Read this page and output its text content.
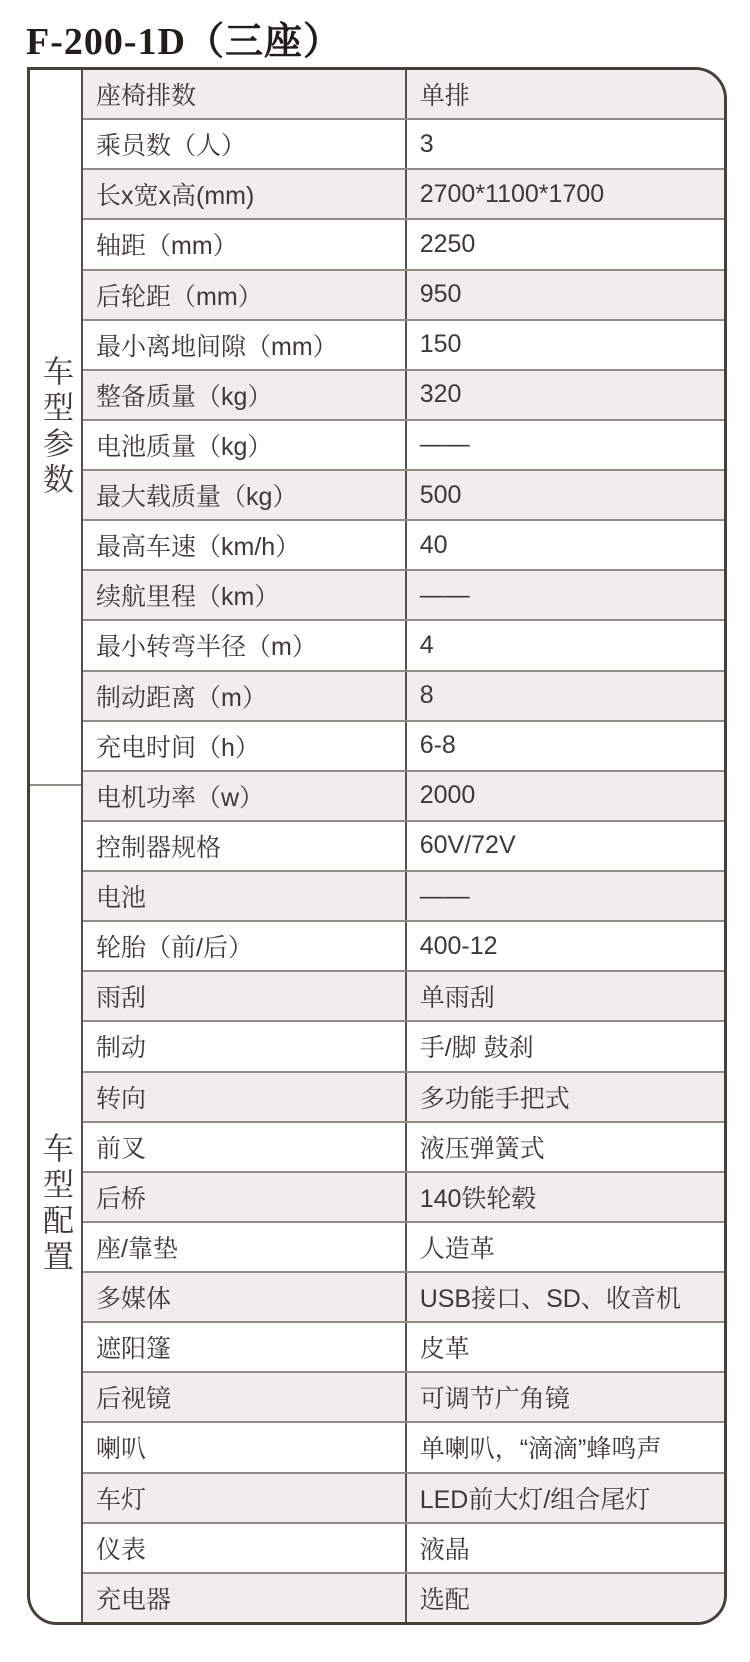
F-200-1D（三座）
车型参数
车型配置
座椅排数	单排
乘员数（人）	3
长x宽x高(mm)	2700*1100*1700
轴距（mm）	2250
后轮距（mm）	950
最小离地间隙（mm）	150
整备质量（kg）	320
电池质量（kg）	——
最大载质量（kg）	500
最高车速（km/h）	40
续航里程（km）	——
最小转弯半径（m）	4
制动距离（m）	8
充电时间（h）	6-8
电机功率（w）	2000
控制器规格	60V/72V
电池	——
轮胎（前/后）	400-12
雨刮	单雨刮
制动	手/脚 鼓刹
转向	多功能手把式
前叉	液压弹簧式
后桥	140铁轮毂
座/靠垫	人造革
多媒体	USB接口、SD、收音机
遮阳篷	皮革
后视镜	可调节广角镜
喇叭	单喇叭，“滴滴”蜂鸣声
车灯	LED前大灯/组合尾灯
仪表	液晶
充电器	选配
